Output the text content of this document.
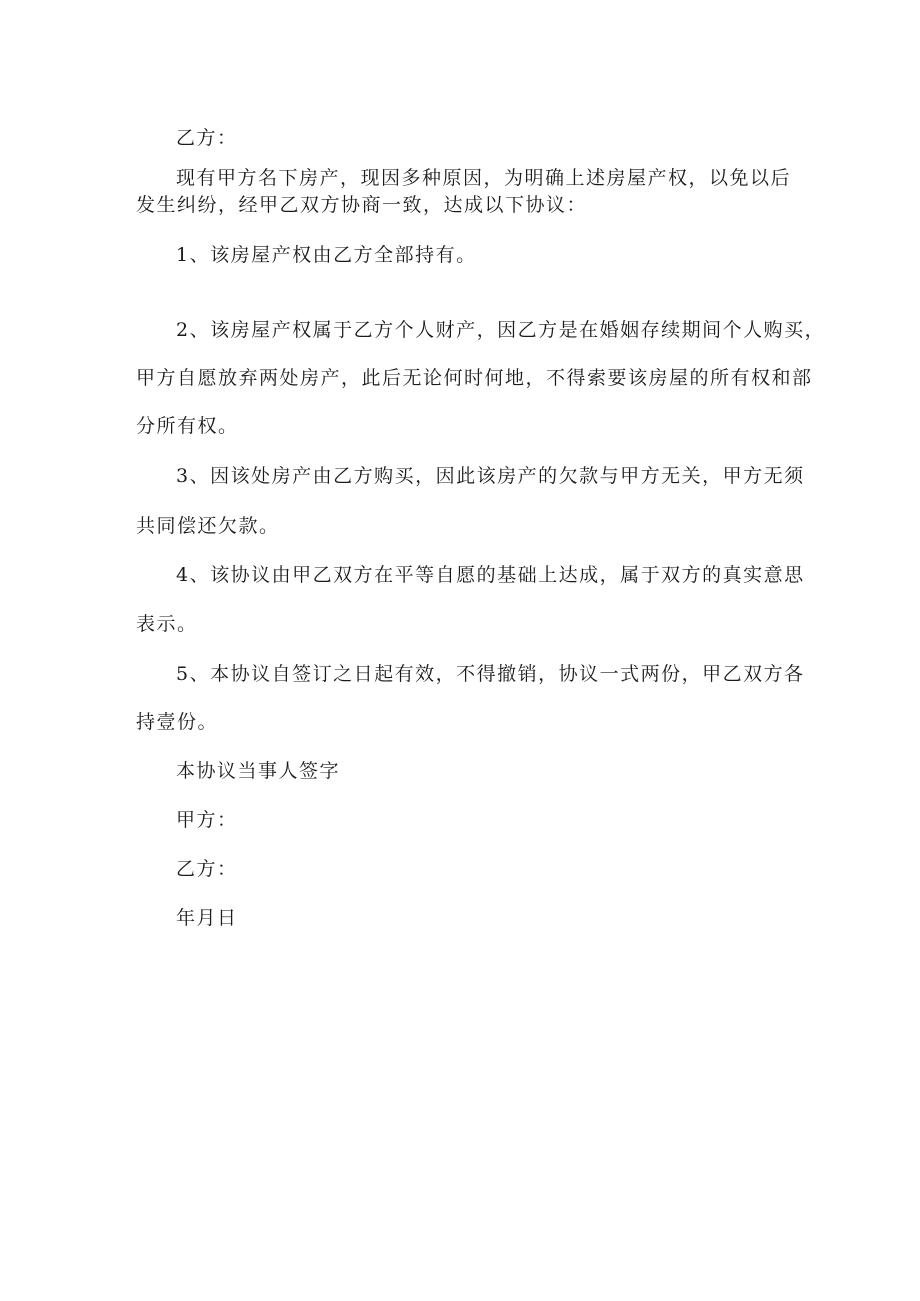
乙方：
现有甲方名下房产，现因多种原因，为明确上述房屋产权，以免以后
发生纠纷，经甲乙双方协商一致，达成以下协议：
1、该房屋产权由乙方全部持有。
2、该房屋产权属于乙方个人财产，因乙方是在婚姻存续期间个人购买，
甲方自愿放弃两处房产，此后无论何时何地，不得索要该房屋的所有权和部
分所有权。
3、因该处房产由乙方购买，因此该房产的欠款与甲方无关，甲方无须
共同偿还欠款。
4、该协议由甲乙双方在平等自愿的基础上达成，属于双方的真实意思
表示。
5、本协议自签订之日起有效，不得撤销，协议一式两份，甲乙双方各
持壹份。
本协议当事人签字
甲方：
乙方：
年月日
